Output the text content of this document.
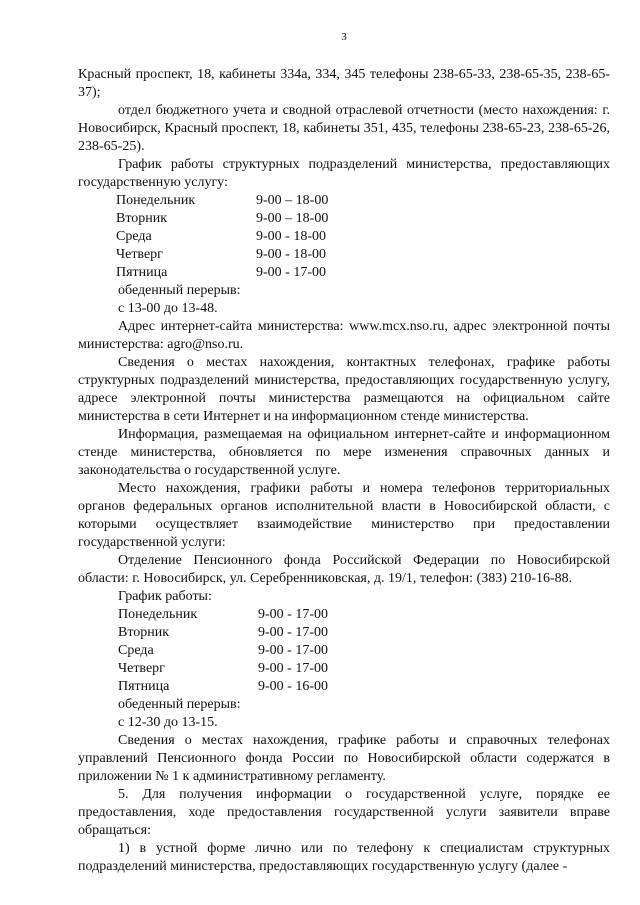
3

Красный проспект, 18, кабинеты 334а, 334, 345 телефоны 238-65-33, 238-65-35, 238-65-37);

отдел бюджетного учета и сводной отраслевой отчетности (место нахождения: г. Новосибирск, Красный проспект, 18, кабинеты 351, 435, телефоны 238-65-23, 238-65-26, 238-65-25).

График работы структурных подразделений министерства, предоставляющих государственную услугу:

Понедельник	9-00 – 18-00
Вторник	9-00 – 18-00
Среда	9-00 - 18-00
Четверг	9-00 - 18-00
Пятница	9-00 - 17-00

обеденный перерыв:

с 13-00 до 13-48.

Адрес интернет-сайта министерства: www.mcx.nso.ru, адрес электронной почты министерства: agro@nso.ru.

Сведения о местах нахождения, контактных телефонах, графике работы структурных подразделений министерства, предоставляющих государственную услугу, адресе электронной почты министерства размещаются на официальном сайте министерства в сети Интернет и на информационном стенде министерства.

Информация, размещаемая на официальном интернет-сайте и информационном стенде министерства, обновляется по мере изменения справочных данных и законодательства о государственной услуге.

Место нахождения, графики работы и номера телефонов территориальных органов федеральных органов исполнительной власти в Новосибирской области, с которыми осуществляет взаимодействие министерство при предоставлении государственной услуги:

Отделение Пенсионного фонда Российской Федерации по Новосибирской области: г. Новосибирск, ул. Серебренниковская, д. 19/1, телефон: (383) 210-16-88.

График работы:

Понедельник	9-00 - 17-00
Вторник	9-00 - 17-00
Среда	9-00 - 17-00
Четверг	9-00 - 17-00
Пятница	9-00 - 16-00

обеденный перерыв:

с 12-30 до 13-15.

Сведения о местах нахождения, графике работы и справочных телефонах управлений Пенсионного фонда России по Новосибирской области содержатся в приложении № 1 к административному регламенту.

5. Для получения информации о государственной услуге, порядке ее предоставления, ходе предоставления государственной услуги заявители вправе обращаться:

1) в устной форме лично или по телефону к специалистам структурных подразделений министерства, предоставляющих государственную услугу (далее -
